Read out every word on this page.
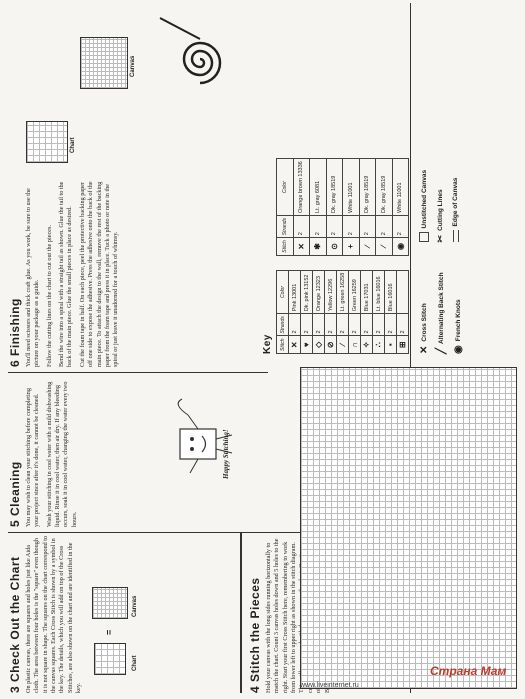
3 Check Out the Chart On plastic canvas, there are squares and holes just like Aida cloth. The area between four holes is the "square" even though it is not square in shape. The squares on the chart correspond to the canvas squares. Each Cross Stitch is shown by a symbol in the key. The details, which you will add on top of the Cross Stitches, are also shown on the chart and are identified in the key.
=
Chart
Canvas	4 Stitch the Pieces Hold your canvas with the long sides running horizontally to match the chart. Count 3 canvas holes down and 5 holes to the right. Start your first Cross Stitch here, remembering to work from lower left to upper right as shown in the stitch diagram. of
5 Cleaning You may wish to clean your stitching before completing your project since after it's done, it cannot be cleaned. Wash your stitching in cool water with a mild dishwashing liquid. Rinse it in cool water, then air dry. If any bleeding occurs, soak it in cool water, changing the water every two hours.
Happy Stitching!
6 Finishing You'll need scissors and thick craft glue. As you work, be sure to use the picture on your package as a guide. Follow the cutting lines on the chart to cut out the pieces. Bend the wire into a spiral with a straight tail as shown. Glue the tail to the back of the main piece. Glue the small pieces in place as desired. Cut the foam tape in half. On each piece, peel the protective backing paper off one side to expose the adhesive. Press the adhesive onto the back of the main piece. To attach the design to the wall, remove the rest of the backing paper from the foam tape and press it in place. Tuck a photo or note in the spiral or just leave it unadorned for a touch of whimsy.
Chart
Canvas
Key Stitch	Strands	Color
✕	2	Pink 13001
♥	2	Dk. pink 13152
◇	2	Orange 12323
⊘	2	Yellow 12296
∕	2	Lt. green 16258
∩	2	Green 16259
✧	2	Blue 17031
∴	2	Lt. blue 16016
▪	2	Blue 16016
⊞	2	
Stitch	Strands	Color
✕	2	Orange brown 13336
✱	2	Lt. gray 6081
⊙	2	Dk. gray 18519
+	2	White 11001
∕	2	Dk. gray 18519
∕	2	Dk. gray 18519
◉	2	White 11001
✕
Cross Stitch
╱
Alternating Back Stitch
◉
French Knots
Unstitched Canvas
✂
Cutting Lines Edge of Canvas
www.liveinternet.ru
Страна Мам
